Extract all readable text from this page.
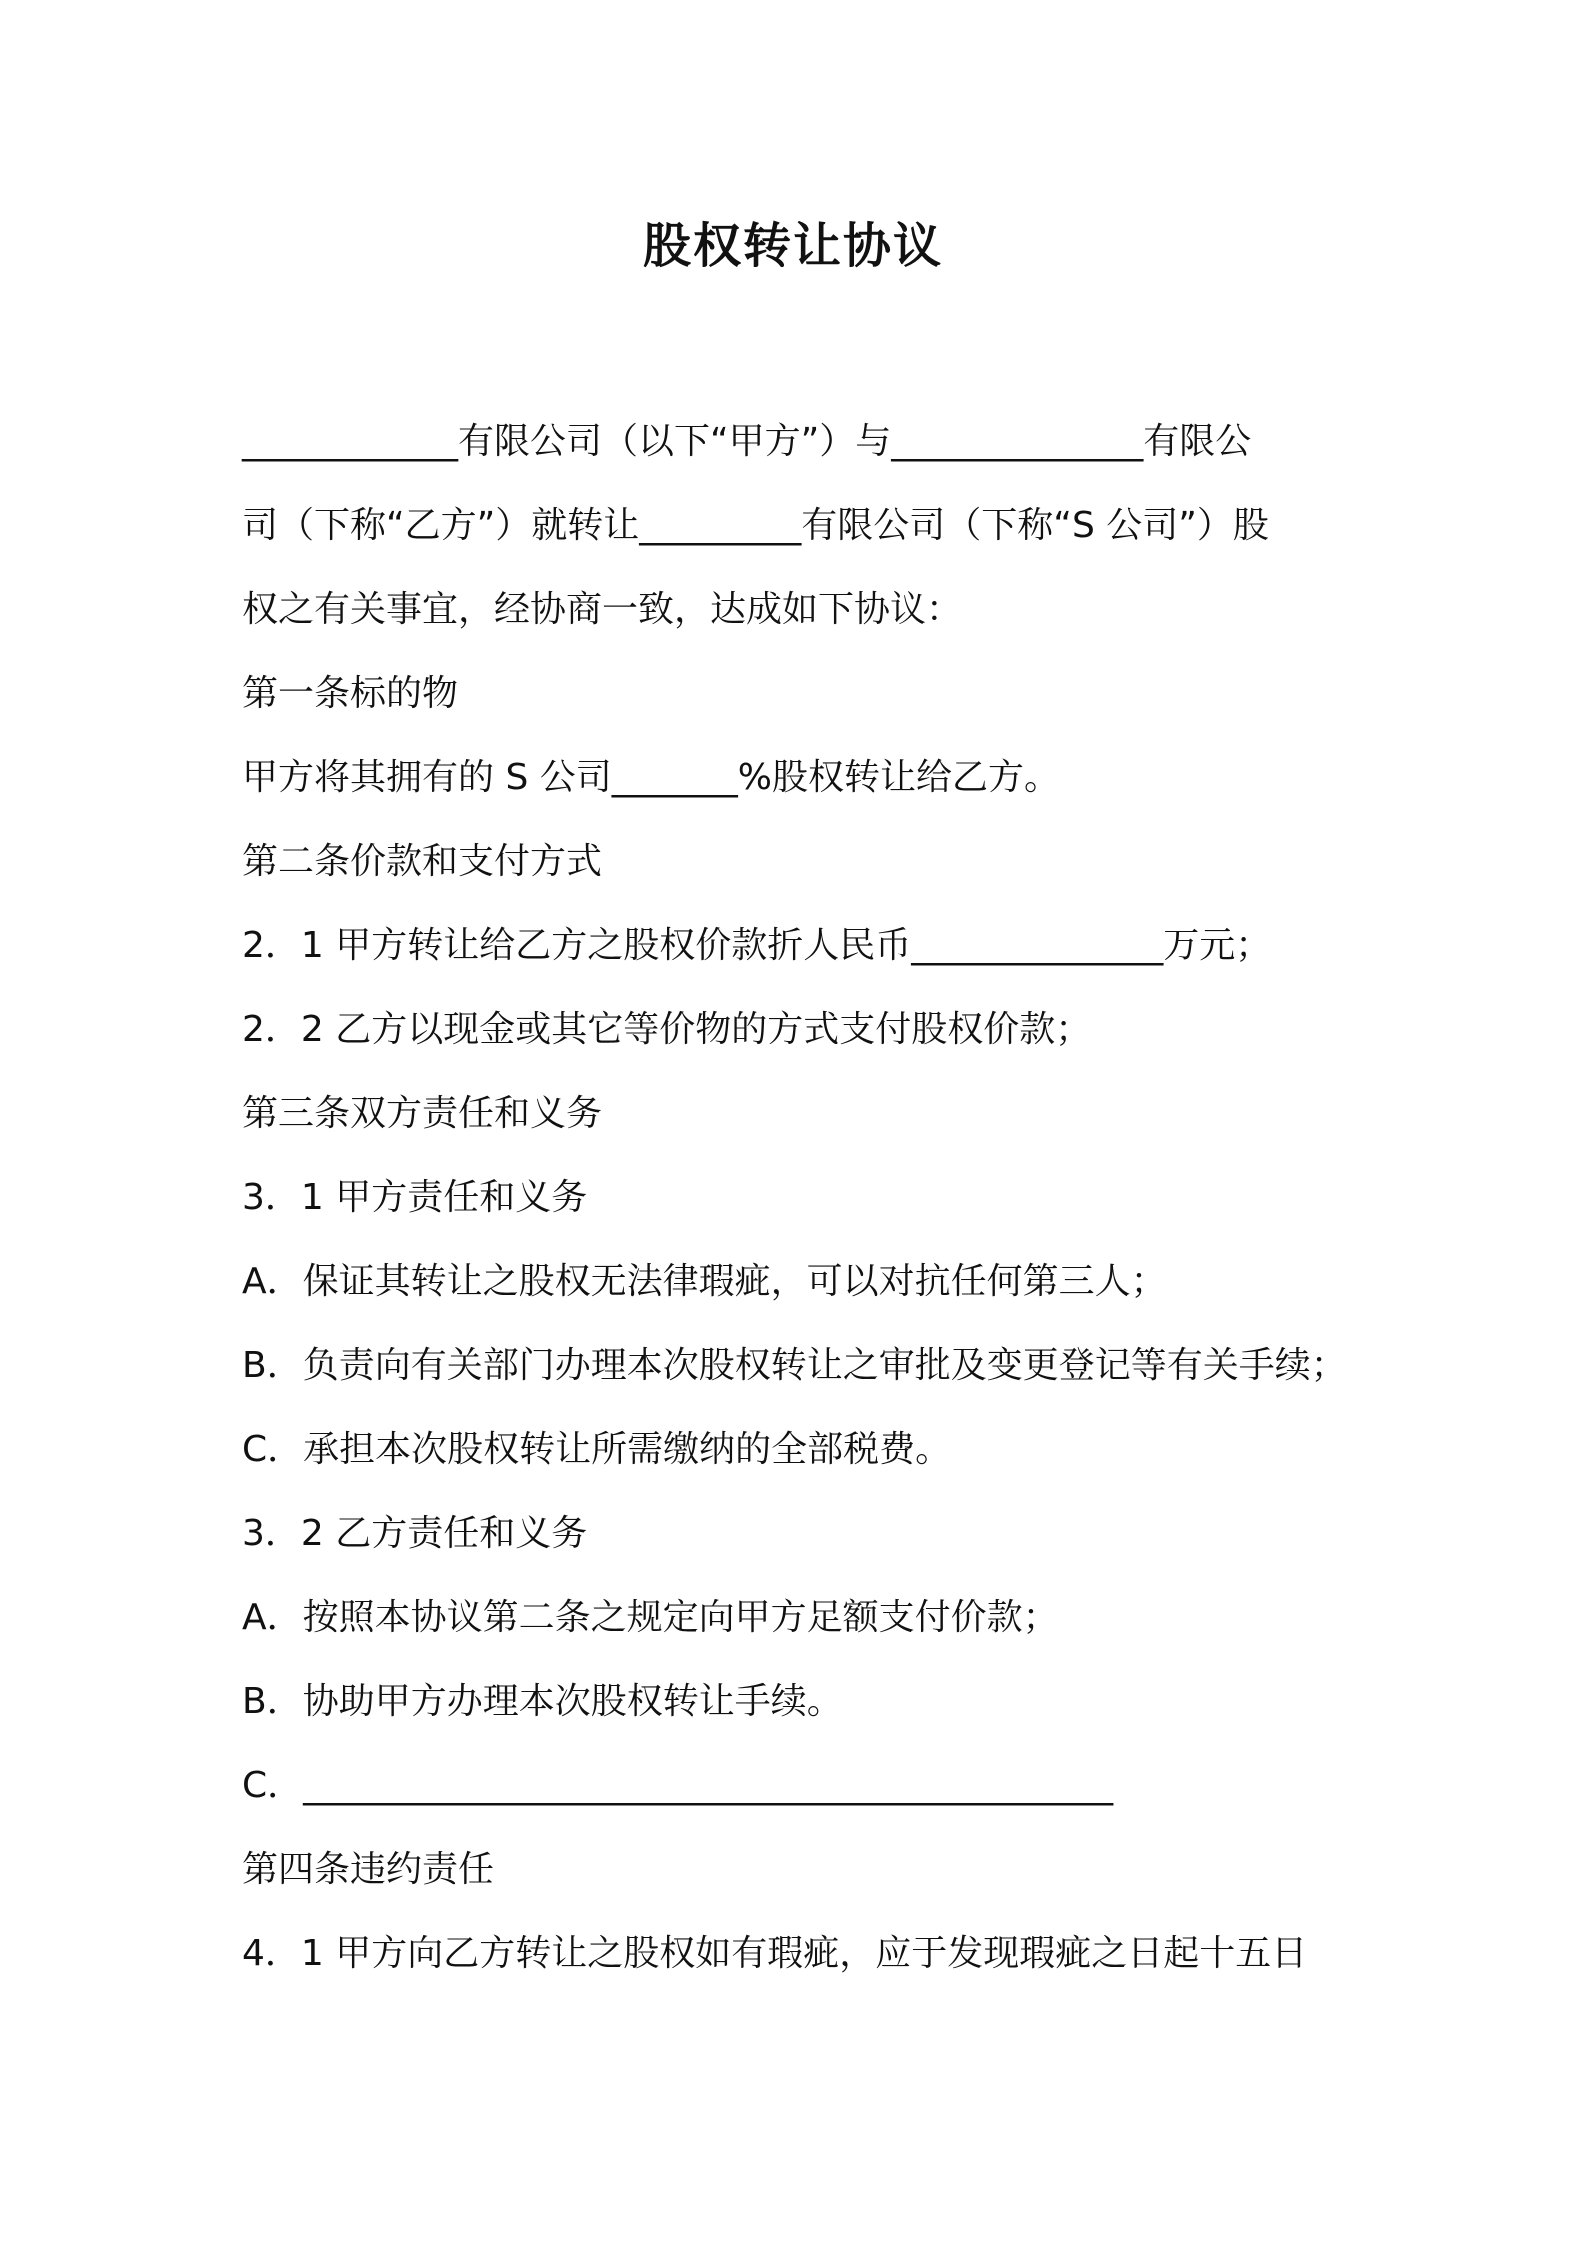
股权转让协议
____________有限公司（以下“甲方”）与______________有限公
司（下称“乙方”）就转让_________有限公司（下称“S 公司”）股
权之有关事宜，经协商一致，达成如下协议：
第一条标的物
甲方将其拥有的 S 公司_______%股权转让给乙方。
第二条价款和支付方式
2．1 甲方转让给乙方之股权价款折人民币______________万元；
2．2 乙方以现金或其它等价物的方式支付股权价款；
第三条双方责任和义务
3．1 甲方责任和义务
A．保证其转让之股权无法律瑕疵，可以对抗任何第三人；
B．负责向有关部门办理本次股权转让之审批及变更登记等有关手续；
C．承担本次股权转让所需缴纳的全部税费。
3．2 乙方责任和义务
A．按照本协议第二条之规定向甲方足额支付价款；
B．协助甲方办理本次股权转让手续。
C．_____________________________________________
第四条违约责任
4．1 甲方向乙方转让之股权如有瑕疵，应于发现瑕疵之日起十五日
